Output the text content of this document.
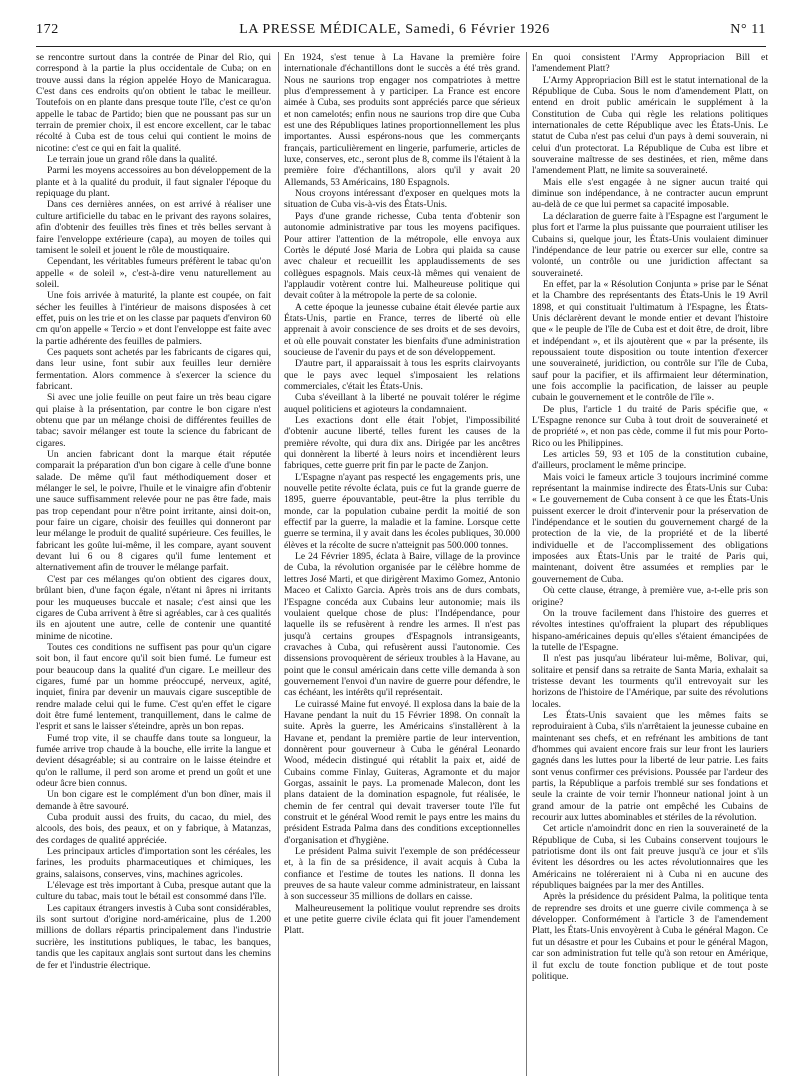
172	LA PRESSE MÉDICALE, Samedi, 6 Février 1926	N° 11

se rencontre surtout dans la contrée de Pinar del Rio, qui correspond à la partie la plus occidentale de Cuba; on en trouve aussi dans la région appelée Hoyo de Manicaragua. C'est dans ces endroits qu'on obtient le tabac le meilleur. Toutefois on en plante dans presque toute l'île, c'est ce qu'on appelle le tabac de Partido; bien que ne poussant pas sur un terrain de premier choix, il est encore excellent, car le tabac récolté à Cuba est de tous celui qui contient le moins de nicotine: c'est ce qui en fait la qualité.

Le terrain joue un grand rôle dans la qualité.

Parmi les moyens accessoires au bon développement de la plante et à la qualité du produit, il faut signaler l'époque du repiquage du plant.

Dans ces dernières années, on est arrivé à réaliser une culture artificielle du tabac en le privant des rayons solaires, afin d'obtenir des feuilles très fines et très belles servant à faire l'enveloppe extérieure (capa), au moyen de toiles qui tamisent le soleil et jouent le rôle de moustiquaire.

Cependant, les véritables fumeurs préfèrent le tabac qu'on appelle « de soleil », c'est-à-dire venu naturellement au soleil.

Une fois arrivée à maturité, la plante est coupée, on fait sécher les feuilles à l'intérieur de maisons disposées à cet effet, puis on les trie et on les classe par paquets d'environ 60 cm qu'on appelle « Tercio » et dont l'enveloppe est faite avec la partie adhérente des feuilles de palmiers.

Ces paquets sont achetés par les fabricants de cigares qui, dans leur usine, font subir aux feuilles leur dernière fermentation. Alors commence à s'exercer la science du fabricant.

Si avec une jolie feuille on peut faire un très beau cigare qui plaise à la présentation, par contre le bon cigare n'est obtenu que par un mélange choisi de différentes feuilles de tabac; savoir mélanger est toute la science du fabricant de cigares.

Un ancien fabricant dont la marque était réputée comparait la préparation d'un bon cigare à celle d'une bonne salade. De même qu'il faut méthodiquement doser et mélanger le sel, le poivre, l'huile et le vinaigre afin d'obtenir une sauce suffisamment relevée pour ne pas être fade, mais pas trop cependant pour n'être point irritante, ainsi doit-on, pour faire un cigare, choisir des feuilles qui donneront par leur mélange le produit de qualité supérieure. Ces feuilles, le fabricant les goûte lui-même, il les compare, ayant souvent devant lui 6 ou 8 cigares qu'il fume lentement et alternativement afin de trouver le mélange parfait.

C'est par ces mélanges qu'on obtient des cigares doux, brûlant bien, d'une façon égale, n'étant ni âpres ni irritants pour les muqueuses buccale et nasale; c'est ainsi que les cigares de Cuba arrivent à être si agréables, car à ces qualités ils en ajoutent une autre, celle de contenir une quantité minime de nicotine.

Toutes ces conditions ne suffisent pas pour qu'un cigare soit bon, il faut encore qu'il soit bien fumé. Le fumeur est pour beaucoup dans la qualité d'un cigare. Le meilleur des cigares, fumé par un homme préoccupé, nerveux, agité, inquiet, finira par devenir un mauvais cigare susceptible de rendre malade celui qui le fume. C'est qu'en effet le cigare doit être fumé lentement, tranquillement, dans le calme de l'esprit et sans le laisser s'éteindre, après un bon repas.

Fumé trop vite, il se chauffe dans toute sa longueur, la fumée arrive trop chaude à la bouche, elle irrite la langue et devient désagréable; si au contraire on le laisse éteindre et qu'on le rallume, il perd son arome et prend un goût et une odeur âcre bien connus.

Un bon cigare est le complément d'un bon dîner, mais il demande à être savouré.

Cuba produit aussi des fruits, du cacao, du miel, des alcools, des bois, des peaux, et on y fabrique, à Matanzas, des cordages de qualité appréciée.

Les principaux articles d'importation sont les céréales, les farines, les produits pharmaceutiques et chimiques, les grains, salaisons, conserves, vins, machines agricoles.

L'élevage est très important à Cuba, presque autant que la culture du tabac, mais tout le bétail est consommé dans l'île.

Les capitaux étrangers investis à Cuba sont considérables, ils sont surtout d'origine nord-américaine, plus de 1.200 millions de dollars répartis principalement dans l'industrie sucrière, les institutions publiques, le tabac, les banques, tandis que les capitaux anglais sont surtout dans les chemins de fer et l'industrie électrique.

En 1924, s'est tenue à La Havane la première foire internationale d'échantillons dont le succès a été très grand. Nous ne saurions trop engager nos compatriotes à mettre plus d'empressement à y participer. La France est encore aimée à Cuba, ses produits sont appréciés parce que sérieux et non camelotés; enfin nous ne saurions trop dire que Cuba est une des Républiques latines proportionnellement les plus importantes. Aussi espérons-nous que les commerçants français, particulièrement en lingerie, parfumerie, articles de luxe, conserves, etc., seront plus de 8, comme ils l'étaient à la première foire d'échantillons, alors qu'il y avait 20 Allemands, 53 Américains, 180 Espagnols.

Nous croyons intéressant d'exposer en quelques mots la situation de Cuba vis-à-vis des États-Unis.

Pays d'une grande richesse, Cuba tenta d'obtenir son autonomie administrative par tous les moyens pacifiques. Pour attirer l'attention de la métropole, elle envoya aux Cortès le député José Maria de Lobra qui plaida sa cause avec chaleur et recueillit les applaudissements de ses collègues espagnols. Mais ceux-là mêmes qui venaient de l'applaudir votèrent contre lui. Malheureuse politique qui devait coûter à la métropole la perte de sa colonie.

A cette époque la jeunesse cubaine était élevée partie aux États-Unis, partie en France, terres de liberté où elle apprenait à avoir conscience de ses droits et de ses devoirs, et où elle pouvait constater les bienfaits d'une administration soucieuse de l'avenir du pays et de son développement.

D'autre part, il apparaissait à tous les esprits clairvoyants que le pays avec lequel s'imposaient les relations commerciales, c'était les États-Unis.

Cuba s'éveillant à la liberté ne pouvait tolérer le régime auquel politiciens et agioteurs la condamnaient.

Les exactions dont elle était l'objet, l'impossibilité d'obtenir aucune liberté, telles furent les causes de la première révolte, qui dura dix ans. Dirigée par les ancêtres qui donnèrent la liberté à leurs noirs et incendièrent leurs fabriques, cette guerre prit fin par le pacte de Zanjon.

L'Espagne n'ayant pas respecté les engagements pris, une nouvelle petite révolte éclata, puis ce fut la grande guerre de 1895, guerre épouvantable, peut-être la plus terrible du monde, car la population cubaine perdit la moitié de son effectif par la guerre, la maladie et la famine. Lorsque cette guerre se termina, il y avait dans les écoles publiques, 30.000 élèves et la récolte de sucre n'atteignit pas 500.000 tonnes.

Le 24 Février 1895, éclata à Baire, village de la province de Cuba, la révolution organisée par le célèbre homme de lettres José Marti, et que dirigèrent Maximo Gomez, Antonio Maceo et Calixto Garcia. Après trois ans de durs combats, l'Espagne concéda aux Cubains leur autonomie; mais ils voulaient quelque chose de plus: l'Indépendance, pour laquelle ils se refusèrent à rendre les armes. Il n'est pas jusqu'à certains groupes d'Espagnols intransigeants, cravaches à Cuba, qui refusèrent aussi l'autonomie. Ces dissensions provoquèrent de sérieux troubles à la Havane, au point que le consul américain dans cette ville demanda à son gouvernement l'envoi d'un navire de guerre pour défendre, le cas échéant, les intérêts qu'il représentait.

Le cuirassé Maine fut envoyé. Il explosa dans la baie de la Havane pendant la nuit du 15 Février 1898. On connaît la suite. Après la guerre, les Américains s'installèrent à la Havane et, pendant la première partie de leur intervention, donnèrent pour gouverneur à Cuba le général Leonardo Wood, médecin distingué qui rétablit la paix et, aidé de Cubains comme Finlay, Guiteras, Agramonte et du major Gorgas, assainit le pays. La promenade Malecon, dont les plans dataient de la domination espagnole, fut réalisée, le chemin de fer central qui devait traverser toute l'île fut construit et le général Wood remit le pays entre les mains du président Estrada Palma dans des conditions exceptionnelles d'organisation et d'hygiène.

Le président Palma suivit l'exemple de son prédécesseur et, à la fin de sa présidence, il avait acquis à Cuba la confiance et l'estime de toutes les nations. Il donna les preuves de sa haute valeur comme administrateur, en laissant à son successeur 35 millions de dollars en caisse.

Malheureusement la politique voulut reprendre ses droits et une petite guerre civile éclata qui fit jouer l'amendement Platt.

En quoi consistent l'Army Appropriacion Bill et l'amendement Platt?

L'Army Appropriacion Bill est le statut international de la République de Cuba. Sous le nom d'amendement Platt, on entend en droit public américain le supplément à la Constitution de Cuba qui règle les relations politiques internationales de cette République avec les États-Unis. Le statut de Cuba n'est pas celui d'un pays à demi souverain, ni celui d'un protectorat. La République de Cuba est libre et souveraine maîtresse de ses destinées, et rien, même dans l'amendement Platt, ne limite sa souveraineté.

Mais elle s'est engagée à ne signer aucun traité qui diminue son indépendance, à ne contracter aucun emprunt au-delà de ce que lui permet sa capacité imposable.

La déclaration de guerre faite à l'Espagne est l'argument le plus fort et l'arme la plus puissante que pourraient utiliser les Cubains si, quelque jour, les États-Unis voulaient diminuer l'indépendance de leur patrie ou exercer sur elle, contre sa volonté, un contrôle ou une juridiction affectant sa souveraineté.

En effet, par la « Résolution Conjunta » prise par le Sénat et la Chambre des représentants des États-Unis le 19 Avril 1898, et qui constituait l'ultimatum à l'Espagne, les États-Unis déclarèrent devant le monde entier et devant l'histoire que « le peuple de l'île de Cuba est et doit être, de droit, libre et indépendant », et ils ajoutèrent que « par la présente, ils repoussaient toute disposition ou toute intention d'exercer une souveraineté, juridiction, ou contrôle sur l'île de Cuba, sauf pour la pacifier, et ils affirmaient leur détermination, une fois accomplie la pacification, de laisser au peuple cubain le gouvernement et le contrôle de l'île ».

De plus, l'article 1 du traité de Paris spécifie que, « L'Espagne renonce sur Cuba à tout droit de souveraineté et de propriété », et non pas cède, comme il fut mis pour Porto-Rico ou les Philippines.

Les articles 59, 93 et 105 de la constitution cubaine, d'ailleurs, proclament le même principe.

Mais voici le fameux article 3 toujours incriminé comme représentant la mainmise indirecte des États-Unis sur Cuba: « Le gouvernement de Cuba consent à ce que les États-Unis puissent exercer le droit d'intervenir pour la préservation de l'indépendance et le soutien du gouvernement chargé de la protection de la vie, de la propriété et de la liberté individuelle et de l'accomplissement des obligations imposées aux États-Unis par le traité de Paris qui, maintenant, doivent être assumées et remplies par le gouvernement de Cuba.

Où cette clause, étrange, à première vue, a-t-elle pris son origine?

On la trouve facilement dans l'histoire des guerres et révoltes intestines qu'offraient la plupart des républiques hispano-américaines depuis qu'elles s'étaient émancipées de la tutelle de l'Espagne.

Il n'est pas jusqu'au libérateur lui-même, Bolivar, qui, solitaire et pensif dans sa retraite de Santa Maria, exhalait sa tristesse devant les tourments qu'il entrevoyait sur les horizons de l'histoire de l'Amérique, par suite des révolutions locales.

Les États-Unis savaient que les mêmes faits se reproduiraient à Cuba, s'ils n'arrêtaient la jeunesse cubaine en maintenant ses chefs, et en refrénant les ambitions de tant d'hommes qui avaient encore frais sur leur front les lauriers gagnés dans les luttes pour la liberté de leur patrie. Les faits sont venus confirmer ces prévisions. Poussée par l'ardeur des partis, la République a parfois tremblé sur ses fondations et seule la crainte de voir ternir l'honneur national joint à un grand amour de la patrie ont empêché les Cubains de recourir aux luttes abominables et stériles de la révolution.

Cet article n'amoindrit donc en rien la souveraineté de la République de Cuba, si les Cubains conservent toujours le patriotisme dont ils ont fait preuve jusqu'à ce jour et s'ils évitent les désordres ou les actes révolutionnaires que les Américains ne toléreraient ni à Cuba ni en aucune des républiques baignées par la mer des Antilles.

Après la présidence du président Palma, la politique tenta de reprendre ses droits et une guerre civile commença à se développer. Conformément à l'article 3 de l'amendement Platt, les États-Unis envoyèrent à Cuba le général Magon. Ce fut un désastre et pour les Cubains et pour le général Magon, car son administration fut telle qu'à son retour en Amérique, il fut exclu de toute fonction publique et de tout poste politique.
